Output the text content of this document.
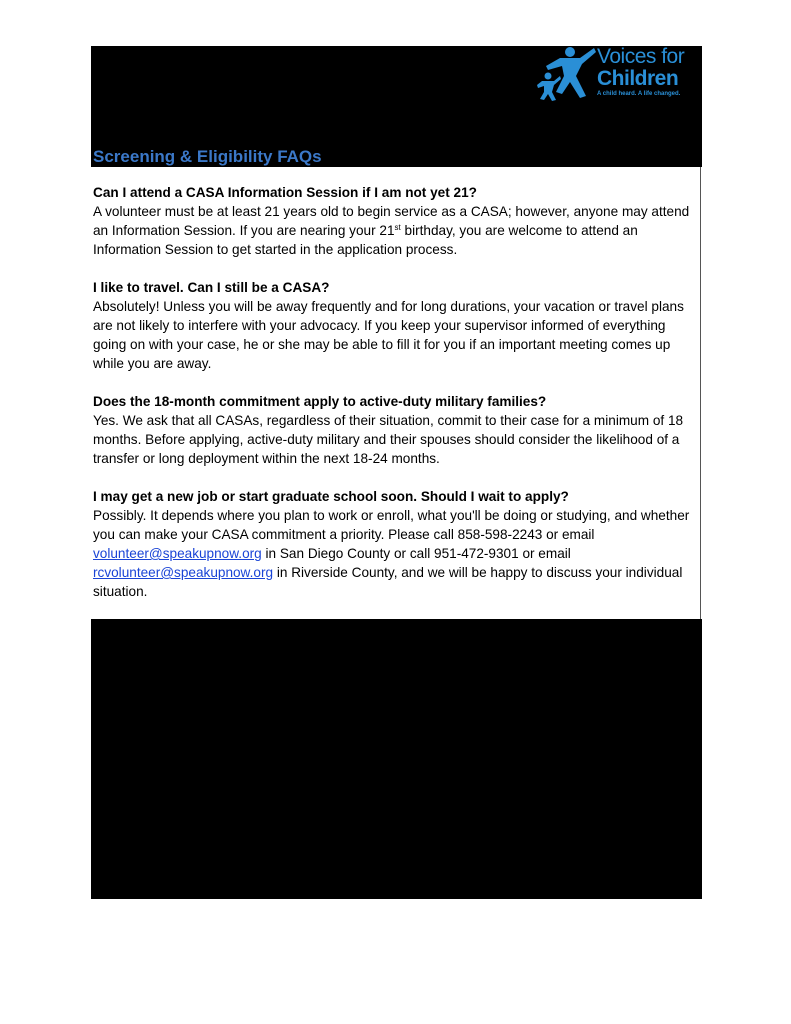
Voices for
Children
A child heard. A life changed.
Screening & Eligibility FAQs

Can I attend a CASA Information Session if I am not yet 21?

A volunteer must be at least 21 years old to begin service as a CASA; however, anyone may attend an Information Session. If you are nearing your 21st birthday, you are welcome to attend an Information Session to get started in the application process.

I like to travel. Can I still be a CASA?

Absolutely! Unless you will be away frequently and for long durations, your vacation or travel plans are not likely to interfere with your advocacy. If you keep your supervisor informed of everything going on with your case, he or she may be able to fill it for you if an important meeting comes up while you are away.

Does the 18-month commitment apply to active-duty military families?

Yes. We ask that all CASAs, regardless of their situation, commit to their case for a minimum of 18 months. Before applying, active-duty military and their spouses should consider the likelihood of a transfer or long deployment within the next 18-24 months.

I may get a new job or start graduate school soon. Should I wait to apply?

Possibly. It depends where you plan to work or enroll, what you'll be doing or studying, and whether you can make your CASA commitment a priority. Please call 858-598-2243 or email volunteer@speakupnow.org in San Diego County or call 951-472-9301 or email rcvolunteer@speakupnow.org in Riverside County, and we will be happy to discuss your individual situation.
